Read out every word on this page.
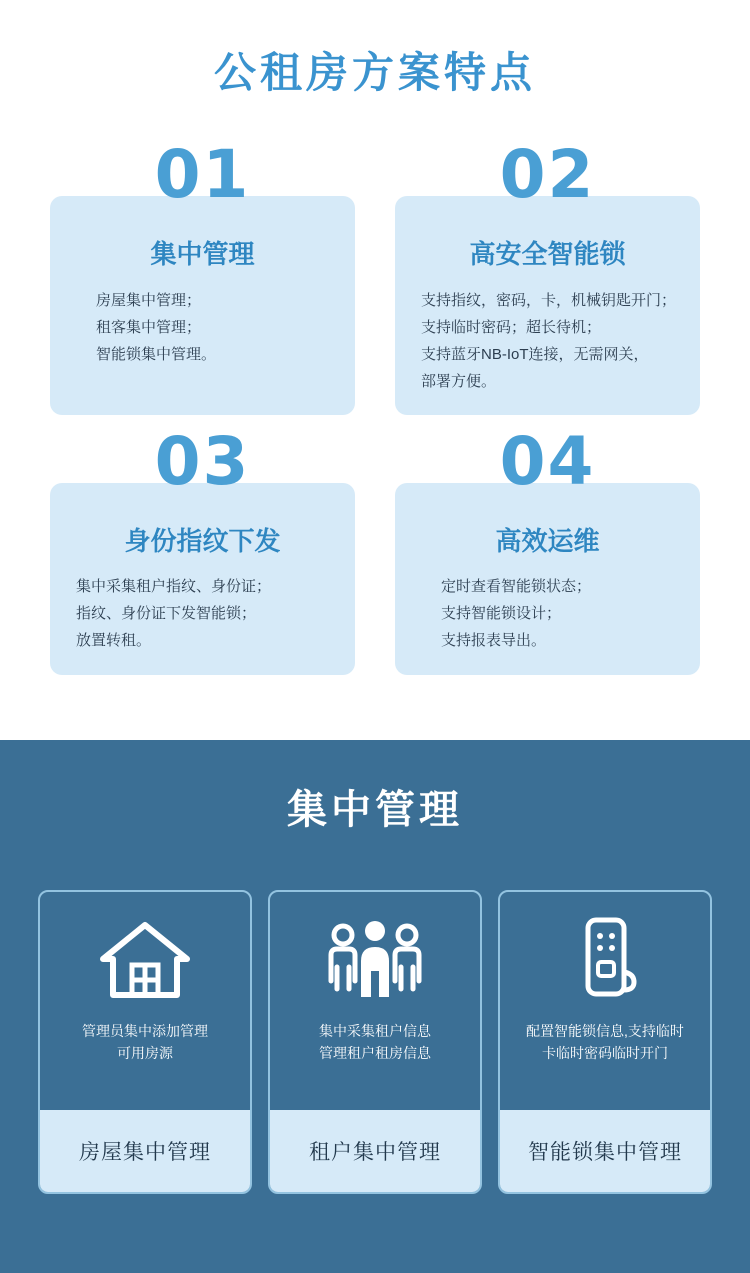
公租房方案特点
01
集中管理
房屋集中管理；
租客集中管理；
智能锁集中管理。
02
高安全智能锁
支持指纹，密码，卡，机械钥匙开门；
支持临时密码；超长待机；
支持蓝牙NB-IoT连接，无需网关，
部署方便。
03
身份指纹下发
集中采集租户指纹、身份证；
指纹、身份证下发智能锁；
放置转租。
04
高效运维
定时查看智能锁状态；
支持智能锁设计；
支持报表导出。
集中管理
管理员集中添加管理
可用房源
房屋集中管理
集中采集租户信息
管理租户租房信息
租户集中管理
配置智能锁信息,支持临时
卡临时密码临时开门
智能锁集中管理
